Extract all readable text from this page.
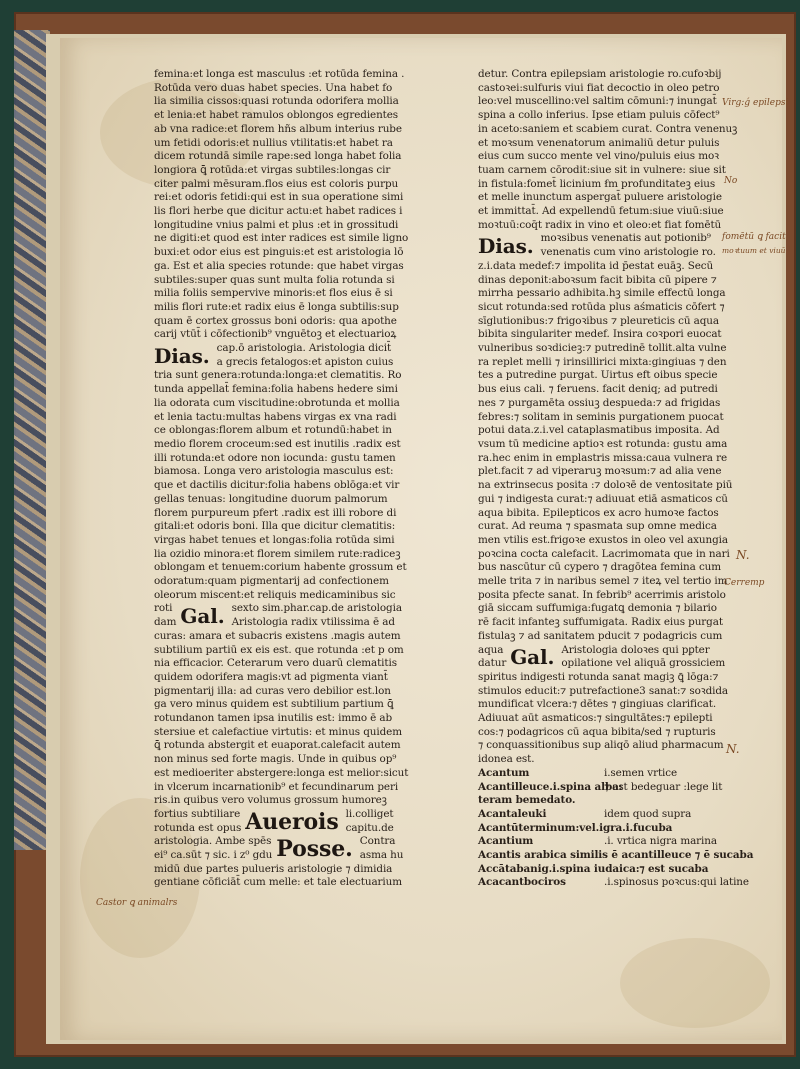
femina:et longa est masculus :et rotūda femina .
Rotūda vero duas habet species. Una habet fo
lia similia cissos:quasi rotunda odorifera mollia
et lenia:et habet ramulos oblongos egredientes
ab vna radice:et florem hñs album interius rube
um fetidi odoris:et nullius vtilitatis:et habet ra
dicem rotundā simile rape:sed longa habet folia
longiora ꝗ̄ rotūda:et virgas subtiles:longas cir
citer palmi mēsuram.flos eius est coloris purpu
rei:et odoris fetidi:qui est in sua operatione simi
lis flori herbe que dicitur actu:et habet radices i
longitudine vnius palmi et plus :et in grossitudi
ne digiti:et quod est inter radices est simile ligno
buxi:et odor eius est pinguis:et est aristologia lō
ga. Est et alia species rotunde: que habet virgas
subtiles:super quas sunt multa folia rotunda si
milia foliis sempervive minoris:et flos eius ē si
milis flori rute:et radix eius ē longa subtilis:sup
quam ē cortex grossus boni odoris: qua apothe
carij vtūt̄ i cōfectionib⁹ vnguētoꝫ et electuarioꝝ
Dias. cap.ō aristologia. Aristologia dicit̄
a grecis fetalogos:et apiston cuius
tria sunt genera:rotunda:longa:et clematitis. Ro
tunda appellat̄ femina:folia habens hedere simi
lia odorata cum viscitudine:obrotunda et mollia
et lenia tactu:multas habens virgas ex vna radi
ce oblongas:florem album et rotundū:habet in
medio florem croceum:sed est inutilis .radix est
illi rotunda:et odore non iocunda: gustu tamen
biamosa. Longa vero aristologia masculus est:
que et dactilis dicitur:folia habens oblōga:et vir
gellas tenuas: longitudine duorum palmorum
florem purpureum pfert .radix est illi robore di
gitali:et odoris boni. Illa que dicitur clematitis:
virgas habet tenues et longas:folia rotūda simi
lia ozidio minora:et florem similem rute:radiceꝫ
oblongam et tenuem:corium habente grossum et
odoratum:quam pigmentarij ad confectionem
oleorum miscent:et reliquis medicaminibus sic
roti
dam Gal. sexto sim.phar.cap.de aristologia
Aristologia radix vtilissima ē ad
curas: amara et subacris existens .magis autem
subtilium partiū ex eis est. que rotunda :et p om
nia efficacior. Ceterarum vero duarū clematitis
quidem odorifera magis:vt ad pigmenta viant̄
pigmentarij illa: ad curas vero debilior est.lon
ga vero minus quidem est subtilium partium ꝗ̄
rotundanon tamen ipsa inutilis est: immo ē ab
stersiue et calefactiue virtutis: et minus quidem
ꝗ̄ rotunda abstergit et euaporat.calefacit autem
non minus sed forte magis. Unde in quibus op⁹
est medioeriter abstergere:longa est melior:sicut
in vlcerum incarnationib⁹ et fecundinarum peri
ris.in quibus vero volumus grossum humoreꝫ
fortius subtiliare
rotunda est opus Auerois li.colliget
capitu.de
aristologia. Ambe spēs
ei⁹ ca.sūt ⁊ sic. i z⁰ gdu Posse. Contra
asma hu
midū due partes pulueris aristologie ⁊ dimidia
gentiane cōficiāt̄ cum melle: et tale electuarium
detur. Contra epilepsiam aristologie ro.cufoꝛbij
castoꝛei:sulfuris viui fiat decoctio in oleo petro
leo:vel muscellino:vel saltim cōmuni:⁊ inungat̄
spina a collo inferius. Ipse etiam puluis cōfect⁹
in aceto:saniem et scabiem curat. Contra venenuꝫ
et moꝛsum venenatorum animaliū detur puluis
eius cum succo mente vel vino/puluis eius moꝛ
tuam carnem cōrodit:siue sit in vulnere: siue sit
in fistula:fomet̄ licinium ẜm profunditateꝫ eius
et melle inunctum aspergat̄ puluere aristologie
et immittat̄. Ad expellendū fetum:siue viuū:siue
moꝛtuū:coq̄t radix in vino et oleo:et fiat fomētū
Dias. moꝛsibus venenatis aut potionib⁹
venenatis cum vino aristologie ro.
z.i.data medef:⁊ impolita id p̄estat euāꝫ. Secū
dinas deponit:aboꝛsum facit bibita cū pipere ⁊
mirrha pessario adhibita.hꝫ simile effectū longa
sicut rotunda:sed rotūda plus aśmaticis cōfert ⁊
sīglutionibus:⁊ frigoꝛibus ⁊ pleureticis cū aqua
bibita singulariter medef. Insira coꝛpori euocat
vulneribus soꝛdicieꝫ:⁊ putredinē tollit.alta vulne
ra replet melli ⁊ irinsillirici mixta:gingiuas ⁊ den
tes a putredine purgat. Uirtus eft oibus specie
bus eius cali. ⁊ feruens. facit deniq; ad putredi
nes ⁊ purgamēta ossiuꝫ despueda:⁊ ad frigidas
febres:⁊ solitam in seminis purgationem puocat
potui data.z.i.vel cataplasmatibus imposita. Ad
vsum tū medicine aptioꝛ est rotunda: gustu ama
ra.hec enim in emplastris missa:caua vulnera re
plet.facit ⁊ ad viperaruꝫ moꝛsum:⁊ ad alia vene
na extrinsecus posita :⁊ doloꝛē de ventositate piū
gui ⁊ indigesta curat:⁊ adiuuat etiā asmaticos cū
aqua bibita. Epilepticos ex acro humoꝛe factos
curat. Ad reuma ⁊ spasmata sup omne medica
men vtilis est.frigoꝛe exustos in oleo vel axungia
poꝛcina cocta calefacit. Lacrimomata que in nari
bus nascūtur cū cypero ⁊ dragōtea femina cum
melle trita ⁊ in naribus semel ⁊ iteꝝ vel tertio im
posita pfecte sanat. In febrib⁹ acerrimis aristolo
giā siccam suffumiga:fugatꝗ demonia ⁊ bilario
rē facit infanteꝫ suffumigata. Radix eius purgat
fistulaꝫ ⁊ ad sanitatem pducit ⁊ podagricis cum
aqua
datur Gal. Aristologia doloꝛes qui pꝑter
opilatione vel aliquā grossiciem
spiritus indigesti rotunda sanat magiꝫ ꝗ̄ lōga:⁊
stimulos educit:⁊ putrefactione3 sanat:⁊ soꝛdida
mundificat vlcera:⁊ dētes ⁊ gingiuas clarificat.
Adiuuat aūt asmaticos:⁊ singultātes:⁊ epilepti
cos:⁊ podagricos cū aqua bibita/sed ⁊ rupturis
⁊ conquassitionibus sup aliqō aliud pharmacum
idonea est.
Acantum	i.semen vrtice
Acantilleuce.i.spina alba:
⁊ est bedeguar :lege lit
teram bemedato.
Acantaleuki	idem quod supra
Acantūterminum:vel.igra.i.fucuba
Acantium	.i. vrtica nigra marina
Acantis arabica similis ē acantilleuce ⁊ ē sucaba
Accātabanig.i.spina iudaica:⁊ est sucaba
Acacantbociros	.i.spinosus poꝛcus:qui latine
Virg:ǵ epilepsi
No
fomētū ꝗ facit
moꝛtuum et viuū
N.
Cerremp
N.
Castor ꝗ animalrs
